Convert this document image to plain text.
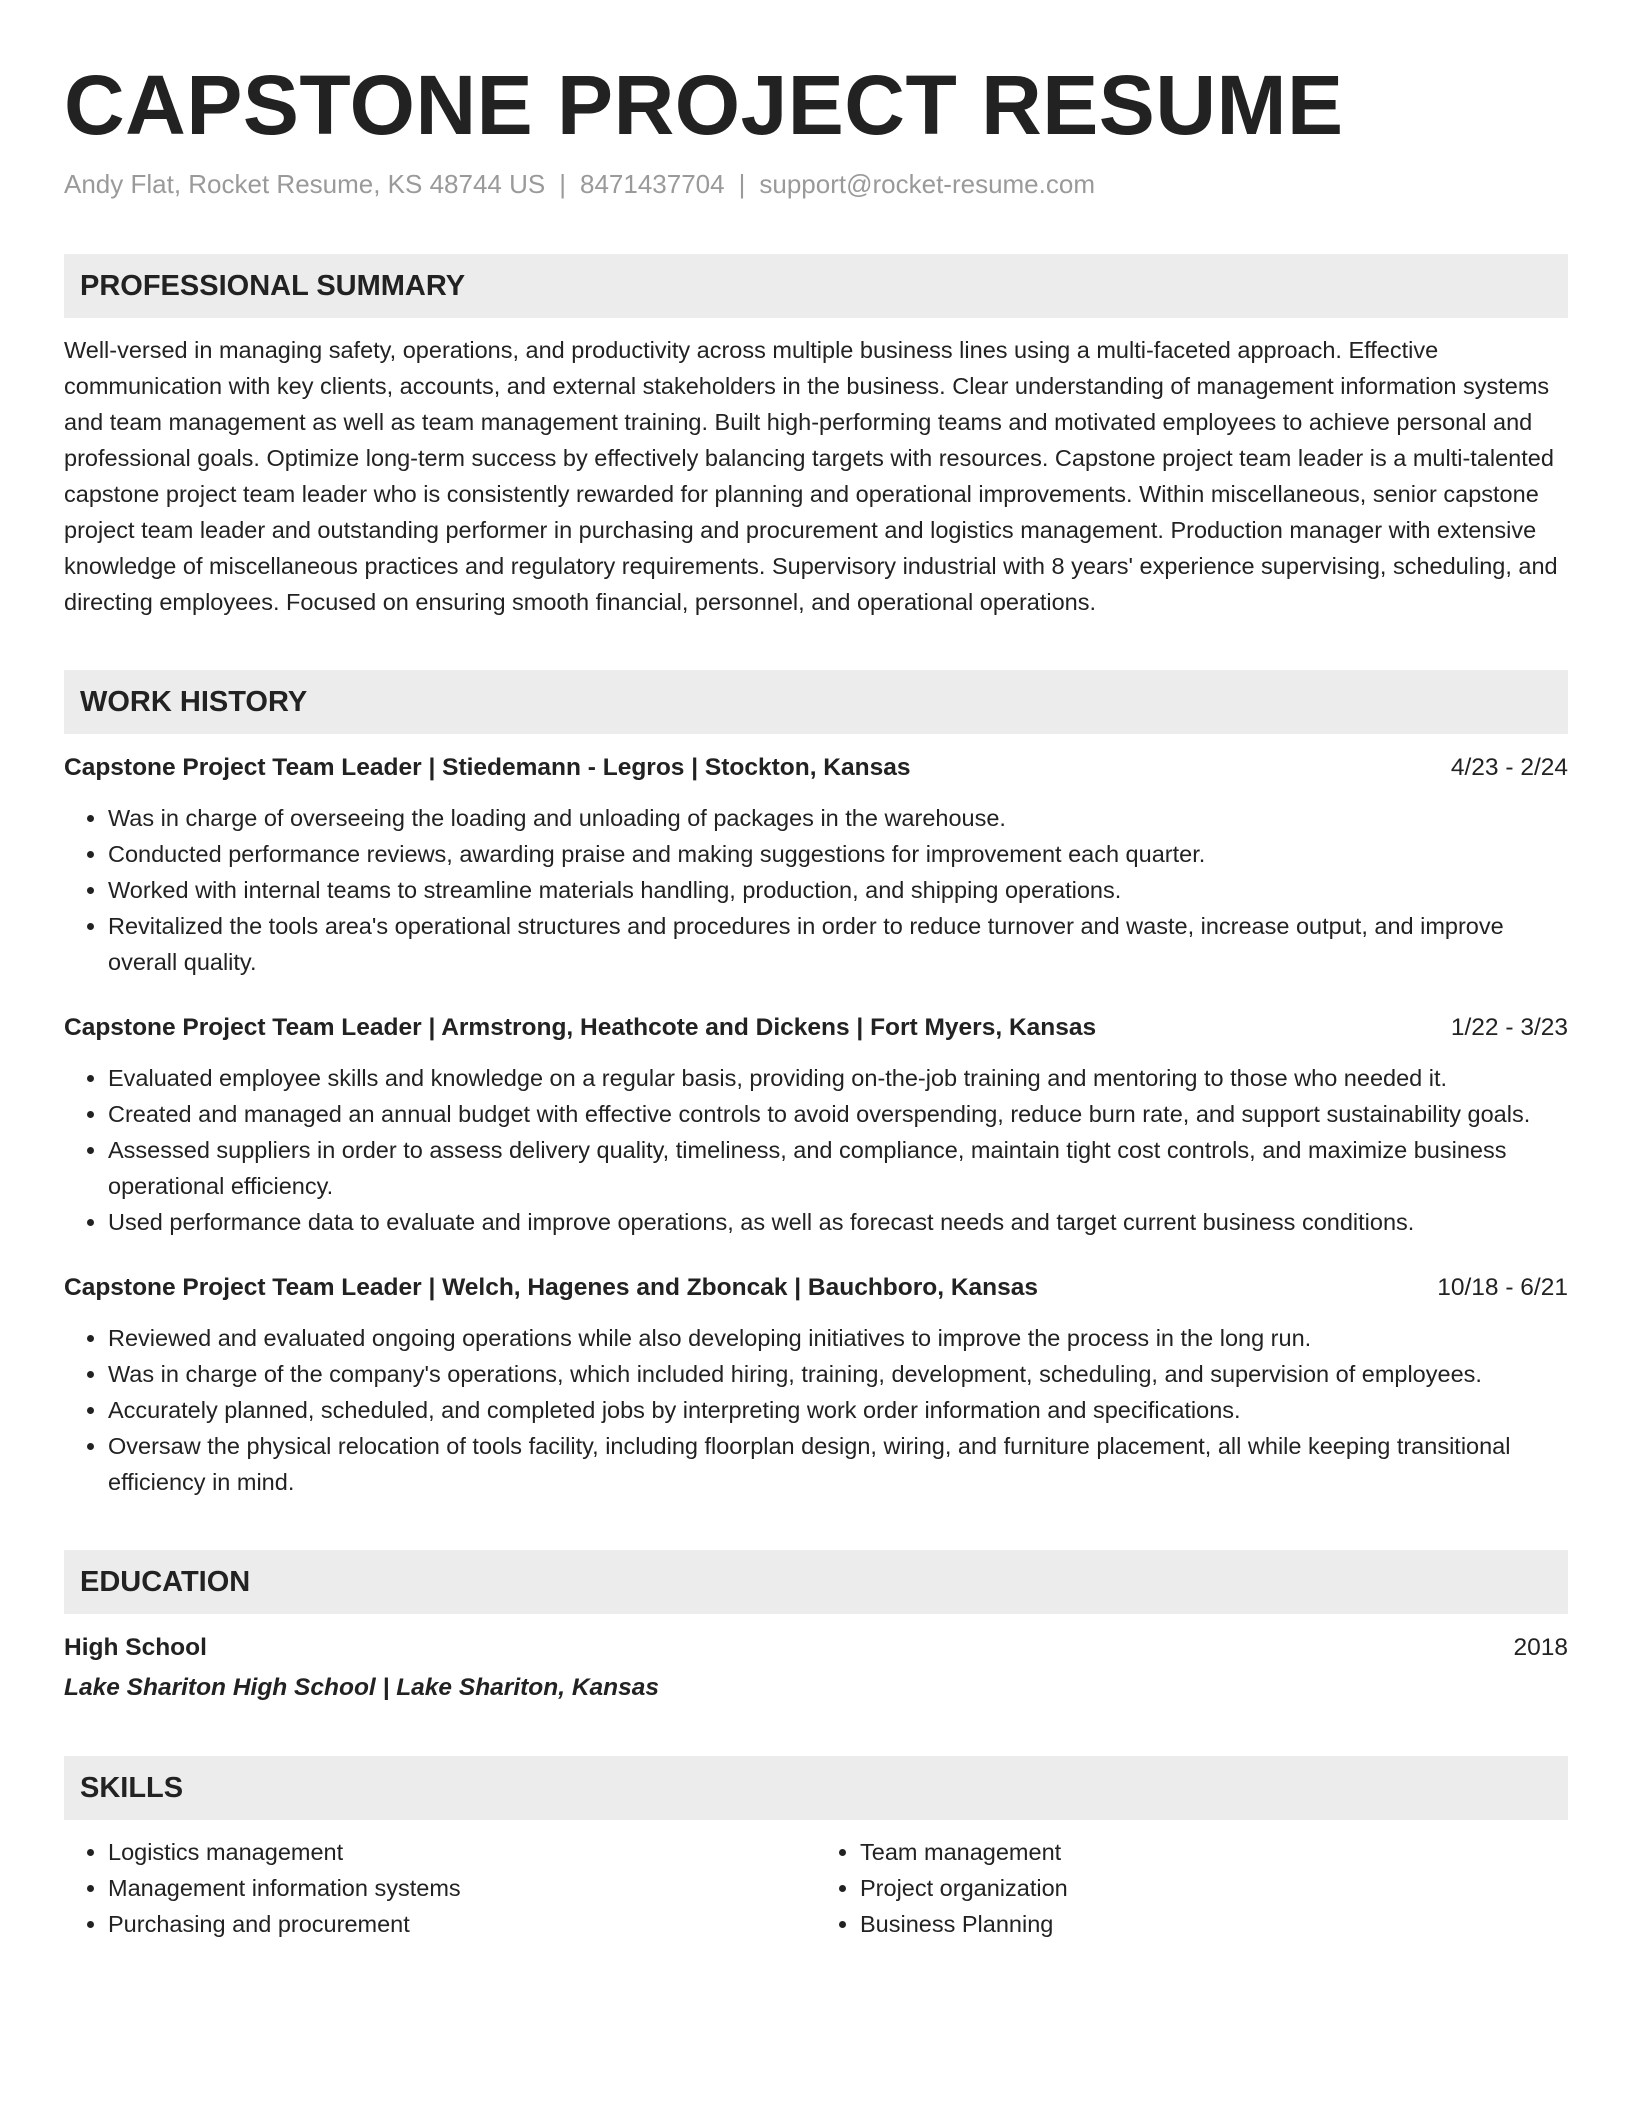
CAPSTONE PROJECT RESUME
Andy Flat, Rocket Resume, KS 48744 US | 8471437704 | support@rocket-resume.com
PROFESSIONAL SUMMARY
Well-versed in managing safety, operations, and productivity across multiple business lines using a multi-faceted approach. Effective communication with key clients, accounts, and external stakeholders in the business. Clear understanding of management information systems and team management as well as team management training. Built high-performing teams and motivated employees to achieve personal and professional goals. Optimize long-term success by effectively balancing targets with resources. Capstone project team leader is a multi-talented capstone project team leader who is consistently rewarded for planning and operational improvements. Within miscellaneous, senior capstone project team leader and outstanding performer in purchasing and procurement and logistics management. Production manager with extensive knowledge of miscellaneous practices and regulatory requirements. Supervisory industrial with 8 years' experience supervising, scheduling, and directing employees. Focused on ensuring smooth financial, personnel, and operational operations.
WORK HISTORY
Capstone Project Team Leader | Stiedemann - Legros | Stockton, Kansas	4/23 - 2/24
• Was in charge of overseeing the loading and unloading of packages in the warehouse.
• Conducted performance reviews, awarding praise and making suggestions for improvement each quarter.
• Worked with internal teams to streamline materials handling, production, and shipping operations.
• Revitalized the tools area's operational structures and procedures in order to reduce turnover and waste, increase output, and improve overall quality.
Capstone Project Team Leader | Armstrong, Heathcote and Dickens | Fort Myers, Kansas	1/22 - 3/23
• Evaluated employee skills and knowledge on a regular basis, providing on-the-job training and mentoring to those who needed it.
• Created and managed an annual budget with effective controls to avoid overspending, reduce burn rate, and support sustainability goals.
• Assessed suppliers in order to assess delivery quality, timeliness, and compliance, maintain tight cost controls, and maximize business operational efficiency.
• Used performance data to evaluate and improve operations, as well as forecast needs and target current business conditions.
Capstone Project Team Leader | Welch, Hagenes and Zboncak | Bauchboro, Kansas	10/18 - 6/21
• Reviewed and evaluated ongoing operations while also developing initiatives to improve the process in the long run.
• Was in charge of the company's operations, which included hiring, training, development, scheduling, and supervision of employees.
• Accurately planned, scheduled, and completed jobs by interpreting work order information and specifications.
• Oversaw the physical relocation of tools facility, including floorplan design, wiring, and furniture placement, all while keeping transitional efficiency in mind.
EDUCATION
High School	2018
Lake Shariton High School | Lake Shariton, Kansas
SKILLS
• Logistics management
• Management information systems
• Purchasing and procurement
• Team management
• Project organization
• Business Planning
